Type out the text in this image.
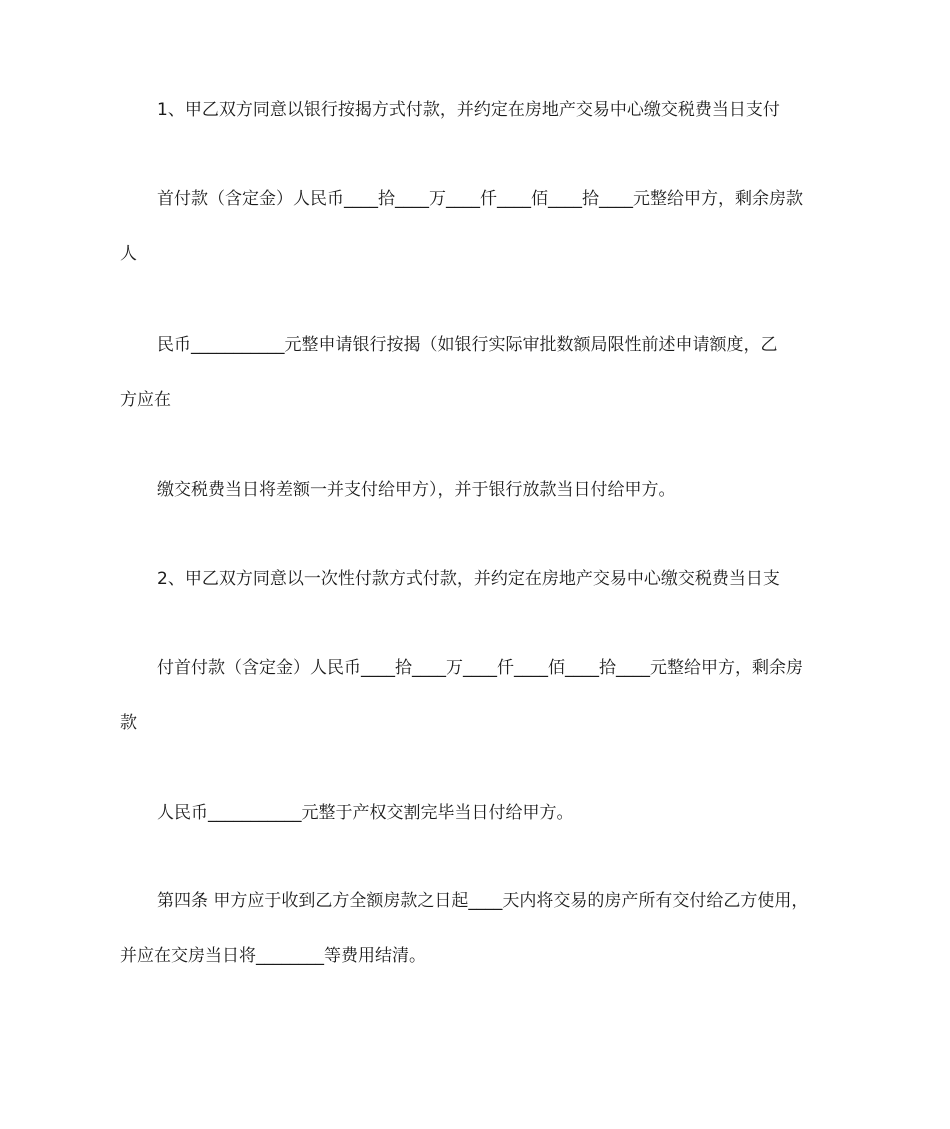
1、甲乙双方同意以银行按揭方式付款，并约定在房地产交易中心缴交税费当日支付

首付款（含定金）人民币____拾____万____仟____佰____拾____元整给甲方，剩余房款

人

民币___________元整申请银行按揭（如银行实际审批数额局限性前述申请额度，乙

方应在

缴交税费当日将差额一并支付给甲方），并于银行放款当日付给甲方。

2、甲乙双方同意以一次性付款方式付款，并约定在房地产交易中心缴交税费当日支

付首付款（含定金）人民币____拾____万____仟____佰____拾____元整给甲方，剩余房

款

人民币___________元整于产权交割完毕当日付给甲方。

第四条 甲方应于收到乙方全额房款之日起____天内将交易的房产所有交付给乙方使用，

并应在交房当日将________等费用结清。
